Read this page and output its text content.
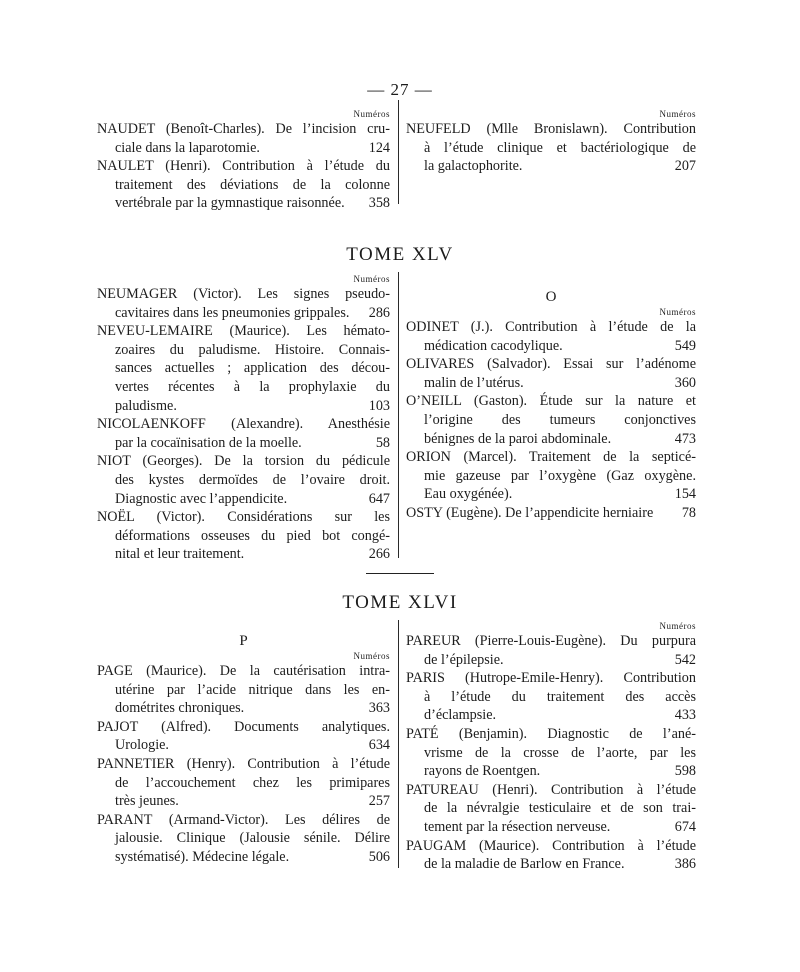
— 27 —
Numéros
NAUDET (Benoît-Charles). De l’incision cru-
ciale dans la laparotomie.	124
NAULET (Henri). Contribution à l’étude du
traitement des déviations de la colonne
vertébrale par la gymnastique raisonnée.	358
Numéros
NEUFELD (Mlle Bronislawn). Contribution
à l’étude clinique et bactériologique de
la galactophorite.	207
TOME XLV
Numéros
NEUMAGER (Victor). Les signes pseudo-
cavitaires dans les pneumonies grippales.	286
NEVEU-LEMAIRE (Maurice). Les hémato-
zoaires du paludisme. Histoire. Connais-
sances actuelles ; application des décou-
vertes récentes à la prophylaxie du
paludisme.	103
NICOLAENKOFF (Alexandre). Anesthésie
par la cocaïnisation de la moelle.	58
NIOT (Georges). De la torsion du pédicule
des kystes dermoïdes de l’ovaire droit.
Diagnostic avec l’appendicite.	647
NOËL (Victor). Considérations sur les
déformations osseuses du pied bot congé-
nital et leur traitement.	266
O
Numéros
ODINET (J.). Contribution à l’étude de la
médication cacodylique.	549
OLIVARES (Salvador). Essai sur l’adénome
malin de l’utérus.	360
O’NEILL (Gaston). Étude sur la nature et
l’origine des tumeurs conjonctives
bénignes de la paroi abdominale.	473
ORION (Marcel). Traitement de la septicé-
mie gazeuse par l’oxygène (Gaz oxygène.
Eau oxygénée).	154
OSTY (Eugène). De l’appendicite herniaire	78
TOME XLVI
P
Numéros
PAGE (Maurice). De la cautérisation intra-
utérine par l’acide nitrique dans les en-
dométrites chroniques.	363
PAJOT (Alfred). Documents analytiques.
Urologie.	634
PANNETIER (Henry). Contribution à l’étude
de l’accouchement chez les primipares
très jeunes.	257
PARANT (Armand-Victor). Les délires de
jalousie. Clinique (Jalousie sénile. Délire
systématisé). Médecine légale.	506
Numéros
PAREUR (Pierre-Louis-Eugène). Du purpura
de l’épilepsie.	542
PARIS (Hutrope-Emile-Henry). Contribution
à l’étude du traitement des accès
d’éclampsie.	433
PATÉ (Benjamin). Diagnostic de l’ané-
vrisme de la crosse de l’aorte, par les
rayons de Roentgen.	598
PATUREAU (Henri). Contribution à l’étude
de la névralgie testiculaire et de son trai-
tement par la résection nerveuse.	674
PAUGAM (Maurice). Contribution à l’étude
de la maladie de Barlow en France.	386
